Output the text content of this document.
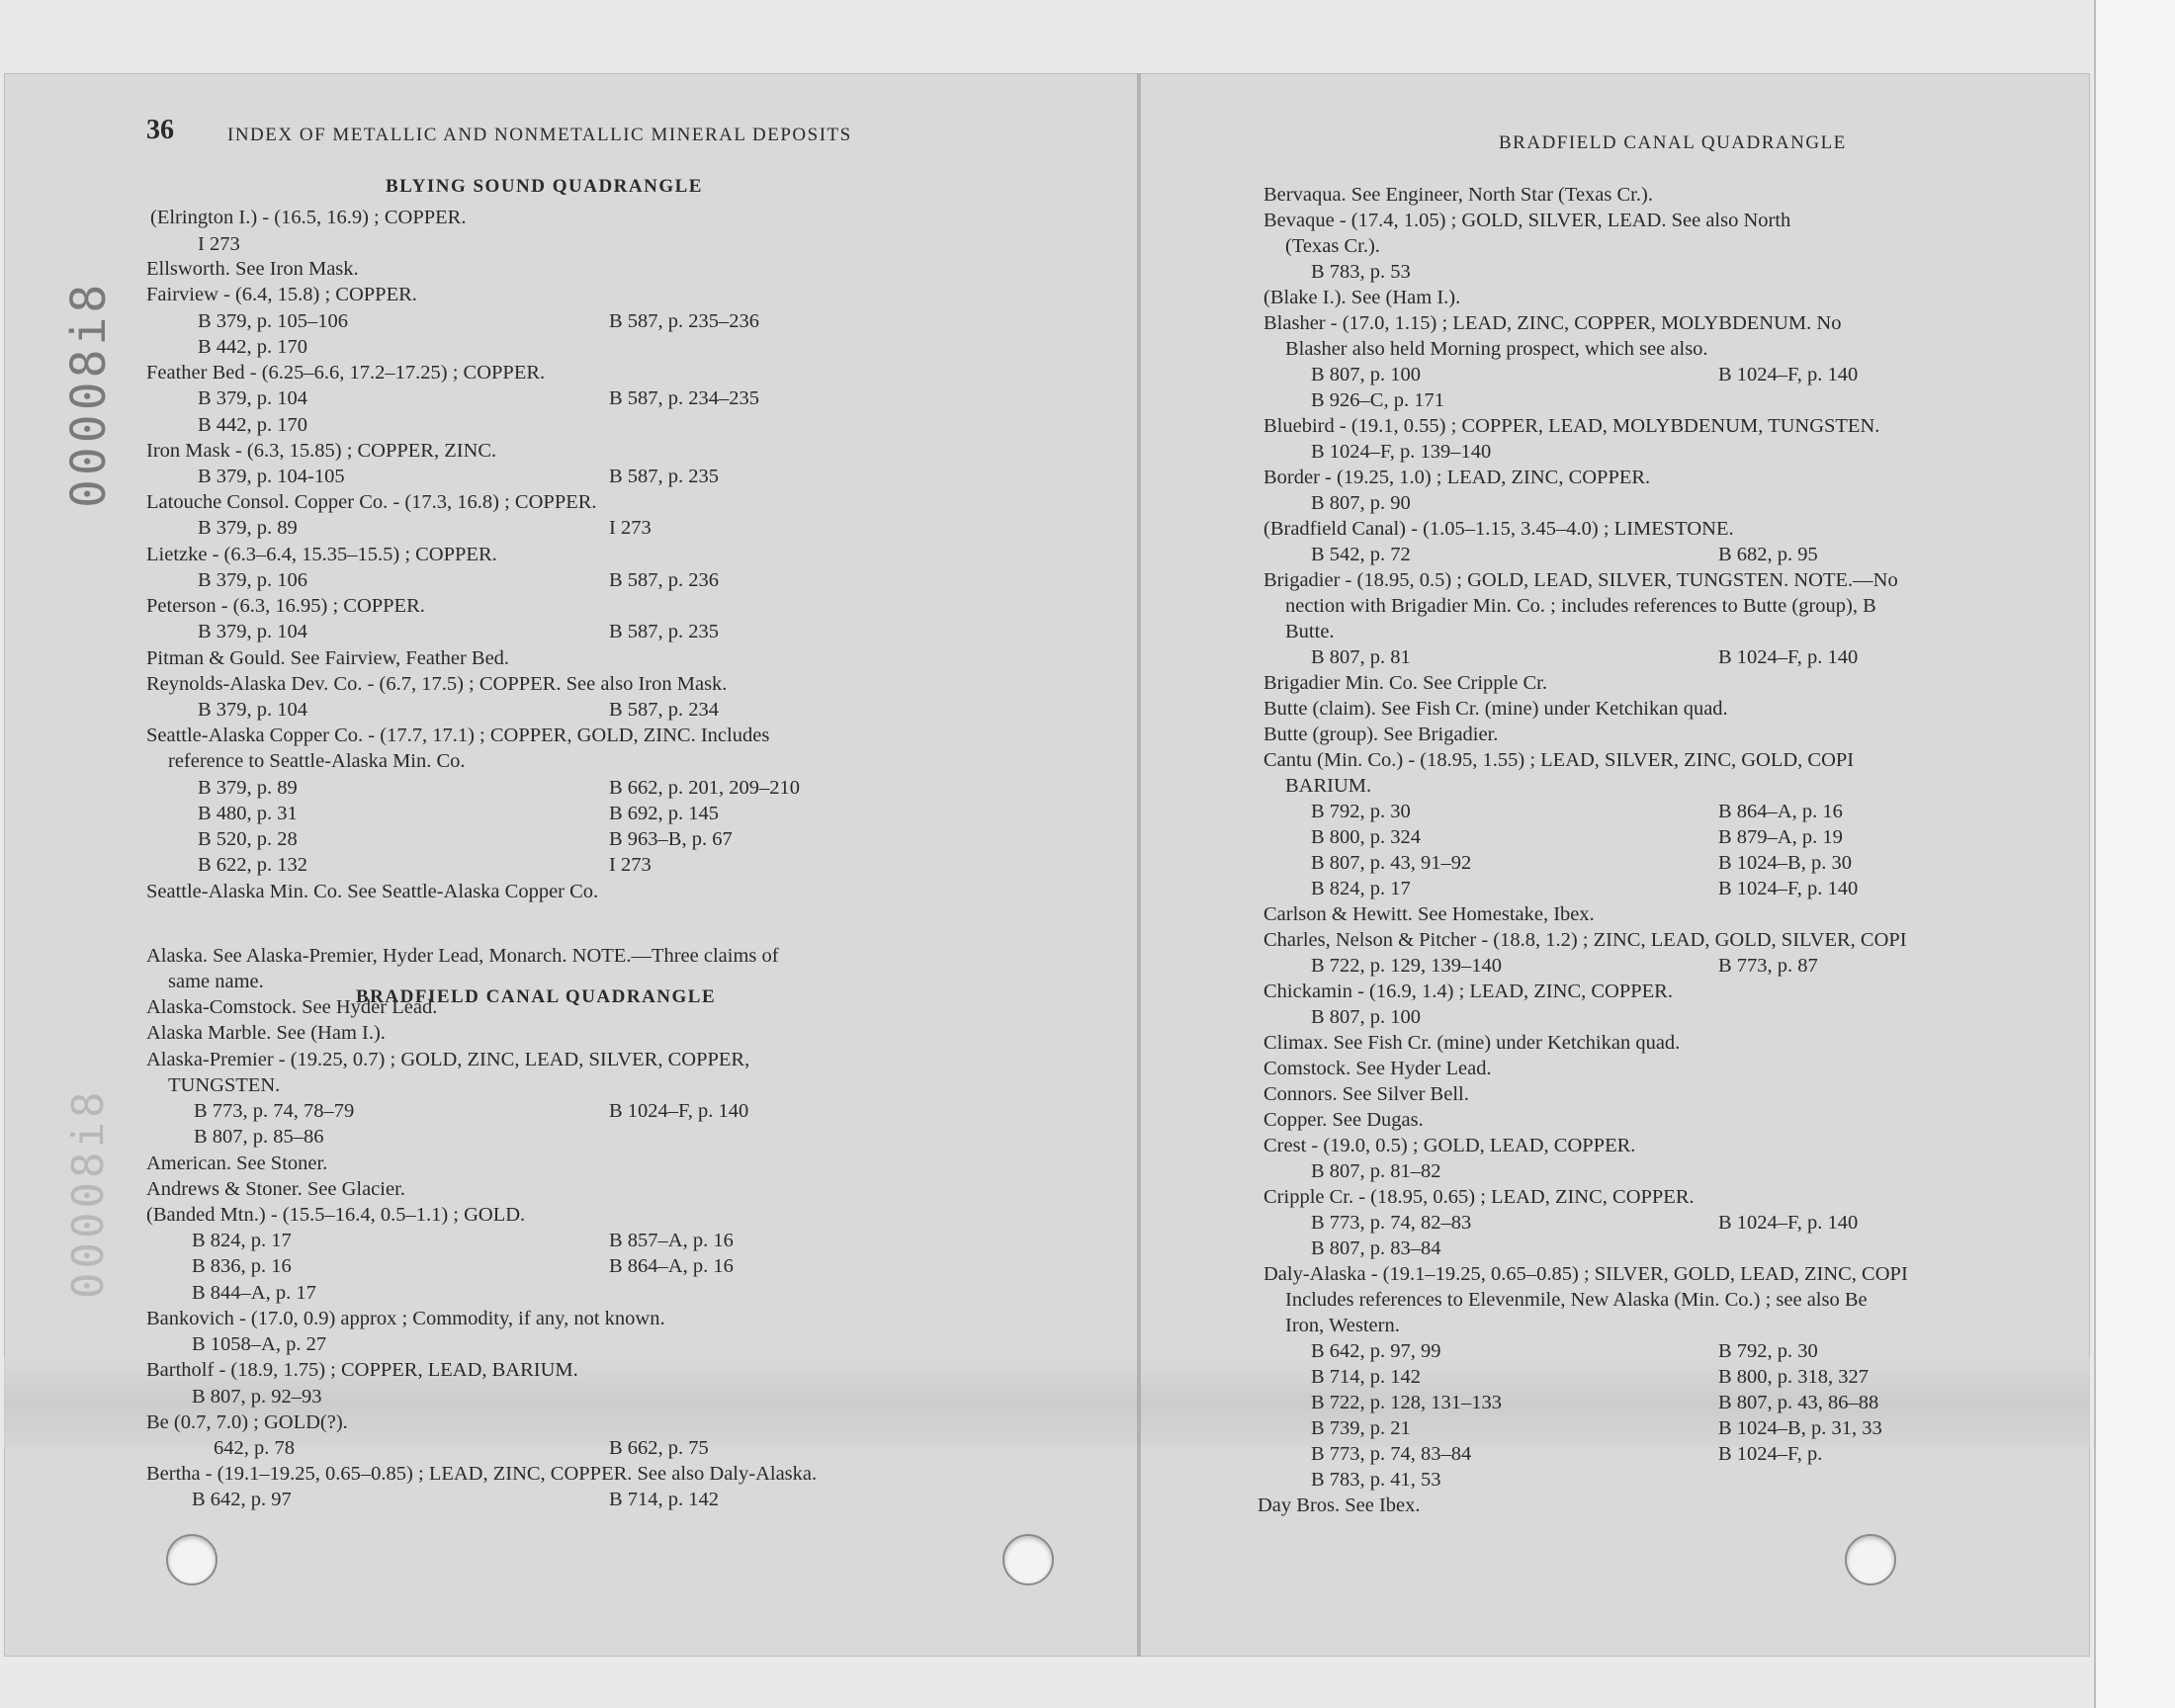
00008i8
00008i8
36	INDEX OF METALLIC AND NONMETALLIC MINERAL DEPOSITS
BLYING SOUND QUADRANGLE
BRADFIELD CANAL QUADRANGLE
(Elrington I.) - (16.5, 16.9) ; COPPER.
I 273
Ellsworth. See Iron Mask.
Fairview - (6.4, 15.8) ; COPPER.
B 379, p. 105–106	B 587, p. 235–236
B 442, p. 170
Feather Bed - (6.25–6.6, 17.2–17.25) ; COPPER.
B 379, p. 104	B 587, p. 234–235
B 442, p. 170
Iron Mask - (6.3, 15.85) ; COPPER, ZINC.
B 379, p. 104-105	B 587, p. 235
Latouche Consol. Copper Co. - (17.3, 16.8) ; COPPER.
B 379, p. 89	I 273
Lietzke - (6.3–6.4, 15.35–15.5) ; COPPER.
B 379, p. 106	B 587, p. 236
Peterson - (6.3, 16.95) ; COPPER.
B 379, p. 104	B 587, p. 235
Pitman & Gould. See Fairview, Feather Bed.
Reynolds-Alaska Dev. Co. - (6.7, 17.5) ; COPPER. See also Iron Mask.
B 379, p. 104	B 587, p. 234
Seattle-Alaska Copper Co. - (17.7, 17.1) ; COPPER, GOLD, ZINC. Includes
reference to Seattle-Alaska Min. Co.
B 379, p. 89	B 662, p. 201, 209–210
B 480, p. 31	B 692, p. 145
B 520, p. 28	B 963–B, p. 67
B 622, p. 132	I 273
Seattle-Alaska Min. Co. See Seattle-Alaska Copper Co.
Alaska. See Alaska-Premier, Hyder Lead, Monarch. NOTE.—Three claims of
same name.
Alaska-Comstock. See Hyder Lead.
Alaska Marble. See (Ham I.).
Alaska-Premier - (19.25, 0.7) ; GOLD, ZINC, LEAD, SILVER, COPPER,
TUNGSTEN.
B 773, p. 74, 78–79	B 1024–F, p. 140
B 807, p. 85–86
American. See Stoner.
Andrews & Stoner. See Glacier.
(Banded Mtn.) - (15.5–16.4, 0.5–1.1) ; GOLD.
B 824, p. 17	B 857–A, p. 16
B 836, p. 16	B 864–A, p. 16
B 844–A, p. 17
Bankovich - (17.0, 0.9) approx ; Commodity, if any, not known.
B 1058–A, p. 27
Bartholf - (18.9, 1.75) ; COPPER, LEAD, BARIUM.
B 807, p. 92–93
Be (0.7, 7.0) ; GOLD(?).
642, p. 78	B 662, p. 75
Bertha - (19.1–19.25, 0.65–0.85) ; LEAD, ZINC, COPPER. See also Daly-Alaska.
B 642, p. 97	B 714, p. 142
BRADFIELD CANAL QUADRANGLE
Bervaqua. See Engineer, North Star (Texas Cr.).
Bevaque - (17.4, 1.05) ; GOLD, SILVER, LEAD. See also North
(Texas Cr.).
B 783, p. 53
(Blake I.). See (Ham I.).
Blasher - (17.0, 1.15) ; LEAD, ZINC, COPPER, MOLYBDENUM. No
Blasher also held Morning prospect, which see also.
B 807, p. 100	B 1024–F, p. 140
B 926–C, p. 171
Bluebird - (19.1, 0.55) ; COPPER, LEAD, MOLYBDENUM, TUNGSTEN.
B 1024–F, p. 139–140
Border - (19.25, 1.0) ; LEAD, ZINC, COPPER.
B 807, p. 90
(Bradfield Canal) - (1.05–1.15, 3.45–4.0) ; LIMESTONE.
B 542, p. 72	B 682, p. 95
Brigadier - (18.95, 0.5) ; GOLD, LEAD, SILVER, TUNGSTEN. NOTE.—No
nection with Brigadier Min. Co. ; includes references to Butte (group), B
Butte.
B 807, p. 81	B 1024–F, p. 140
Brigadier Min. Co. See Cripple Cr.
Butte (claim). See Fish Cr. (mine) under Ketchikan quad.
Butte (group). See Brigadier.
Cantu (Min. Co.) - (18.95, 1.55) ; LEAD, SILVER, ZINC, GOLD, COPI
BARIUM.
B 792, p. 30	B 864–A, p. 16
B 800, p. 324	B 879–A, p. 19
B 807, p. 43, 91–92	B 1024–B, p. 30
B 824, p. 17	B 1024–F, p. 140
Carlson & Hewitt. See Homestake, Ibex.
Charles, Nelson & Pitcher - (18.8, 1.2) ; ZINC, LEAD, GOLD, SILVER, COPI
B 722, p. 129, 139–140	B 773, p. 87
Chickamin - (16.9, 1.4) ; LEAD, ZINC, COPPER.
B 807, p. 100
Climax. See Fish Cr. (mine) under Ketchikan quad.
Comstock. See Hyder Lead.
Connors. See Silver Bell.
Copper. See Dugas.
Crest - (19.0, 0.5) ; GOLD, LEAD, COPPER.
B 807, p. 81–82
Cripple Cr. - (18.95, 0.65) ; LEAD, ZINC, COPPER.
B 773, p. 74, 82–83	B 1024–F, p. 140
B 807, p. 83–84
Daly-Alaska - (19.1–19.25, 0.65–0.85) ; SILVER, GOLD, LEAD, ZINC, COPI
Includes references to Elevenmile, New Alaska (Min. Co.) ; see also Be
Iron, Western.
B 642, p. 97, 99	B 792, p. 30
B 714, p. 142	B 800, p. 318, 327
B 722, p. 128, 131–133	B 807, p. 43, 86–88
B 739, p. 21	B 1024–B, p. 31, 33
B 773, p. 74, 83–84	B 1024–F, p.
B 783, p. 41, 53
Day Bros. See Ibex.
